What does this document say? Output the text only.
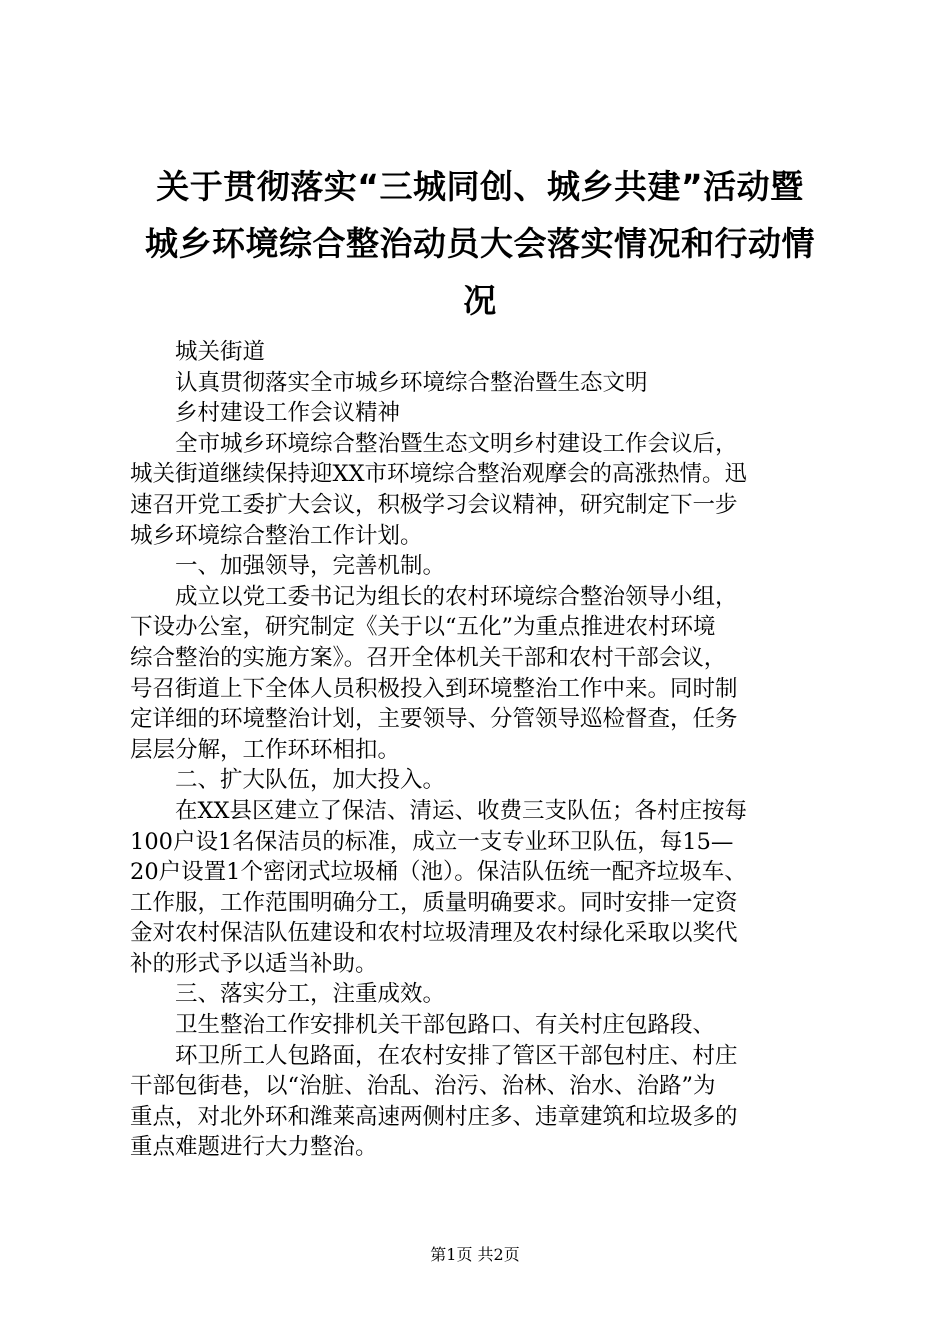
关于贯彻落实“三城同创、城乡共建”活动暨
城乡环境综合整治动员大会落实情况和行动情
况

城关街道

认真贯彻落实全市城乡环境综合整治暨生态文明

乡村建设工作会议精神

全市城乡环境综合整治暨生态文明乡村建设工作会议后，
城关街道继续保持迎XX市环境综合整治观摩会的高涨热情。迅
速召开党工委扩大会议，积极学习会议精神，研究制定下一步
城乡环境综合整治工作计划。

一、加强领导，完善机制。

成立以党工委书记为组长的农村环境综合整治领导小组，
下设办公室，研究制定《关于以“五化”为重点推进农村环境
综合整治的实施方案》。召开全体机关干部和农村干部会议，
号召街道上下全体人员积极投入到环境整治工作中来。同时制
定详细的环境整治计划，主要领导、分管领导巡检督查，任务
层层分解，工作环环相扣。

二、扩大队伍，加大投入。

在XX县区建立了保洁、清运、收费三支队伍；各村庄按每
100户设1名保洁员的标准，成立一支专业环卫队伍，每15—
20户设置1个密闭式垃圾桶（池）。保洁队伍统一配齐垃圾车、
工作服，工作范围明确分工，质量明确要求。同时安排一定资
金对农村保洁队伍建设和农村垃圾清理及农村绿化采取以奖代
补的形式予以适当补助。

三、落实分工，注重成效。

卫生整治工作安排机关干部包路口、有关村庄包路段、

环卫所工人包路面，在农村安排了管区干部包村庄、村庄
干部包街巷，以“治脏、治乱、治污、治林、治水、治路”为
重点，对北外环和潍莱高速两侧村庄多、违章建筑和垃圾多的
重点难题进行大力整治。

第1页 共2页
